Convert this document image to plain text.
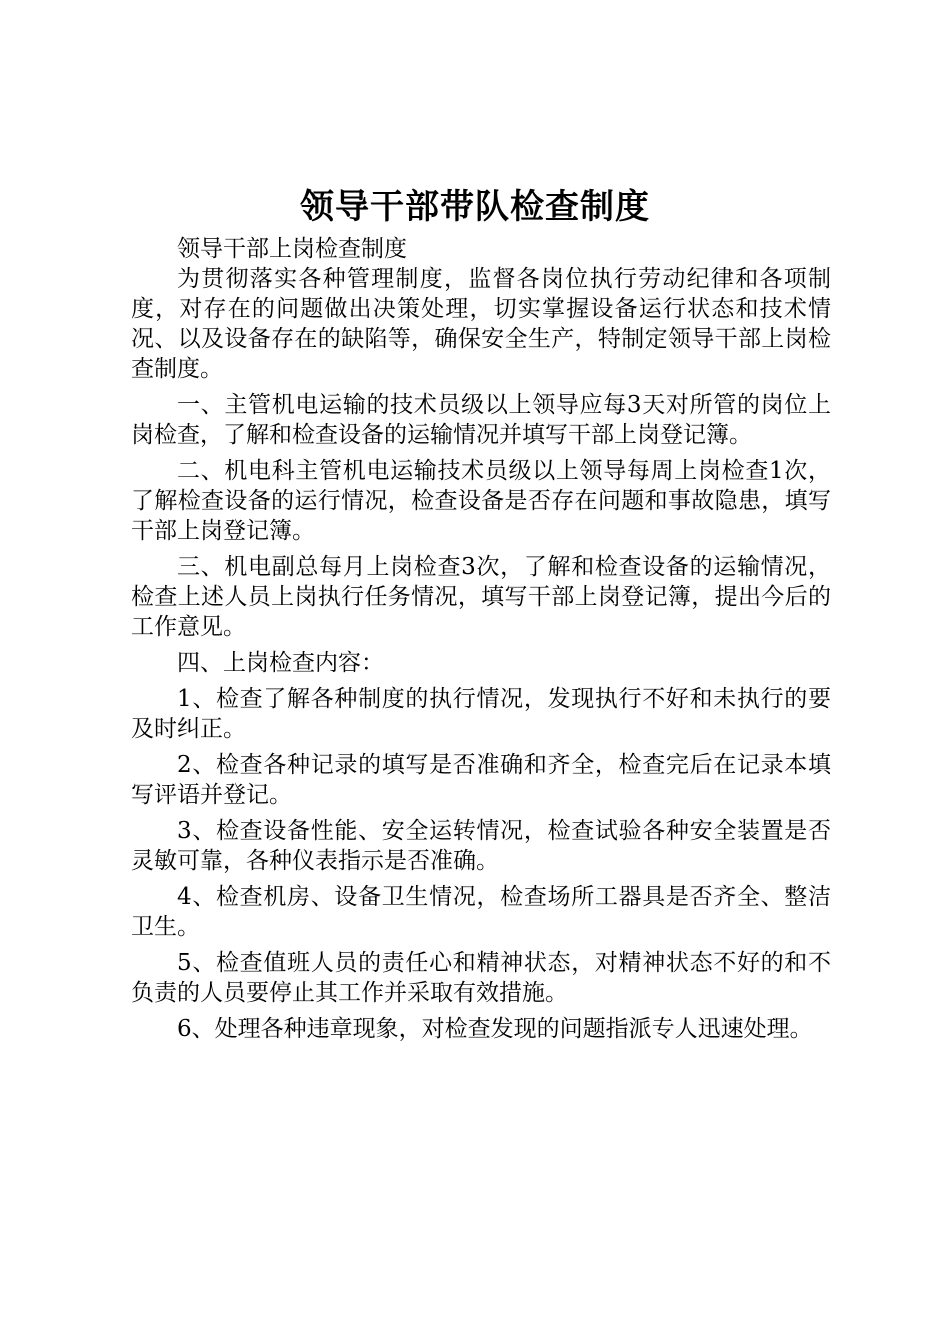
领导干部带队检查制度

领导干部上岗检查制度

为贯彻落实各种管理制度，监督各岗位执行劳动纪律和各项制度，对存在的问题做出决策处理，切实掌握设备运行状态和技术情况、以及设备存在的缺陷等，确保安全生产，特制定领导干部上岗检查制度。

一、主管机电运输的技术员级以上领导应每3天对所管的岗位上岗检查，了解和检查设备的运输情况并填写干部上岗登记簿。

二、机电科主管机电运输技术员级以上领导每周上岗检查1次，了解检查设备的运行情况，检查设备是否存在问题和事故隐患，填写干部上岗登记簿。

三、机电副总每月上岗检查3次，了解和检查设备的运输情况，检查上述人员上岗执行任务情况，填写干部上岗登记簿，提出今后的工作意见。

四、上岗检查内容：

1、检查了解各种制度的执行情况，发现执行不好和未执行的要及时纠正。

2、检查各种记录的填写是否准确和齐全，检查完后在记录本填写评语并登记。

3、检查设备性能、安全运转情况，检查试验各种安全装置是否灵敏可靠，各种仪表指示是否准确。

4、检查机房、设备卫生情况，检查场所工器具是否齐全、整洁卫生。

5、检查值班人员的责任心和精神状态，对精神状态不好的和不负责的人员要停止其工作并采取有效措施。

6、处理各种违章现象，对检查发现的问题指派专人迅速处理。
